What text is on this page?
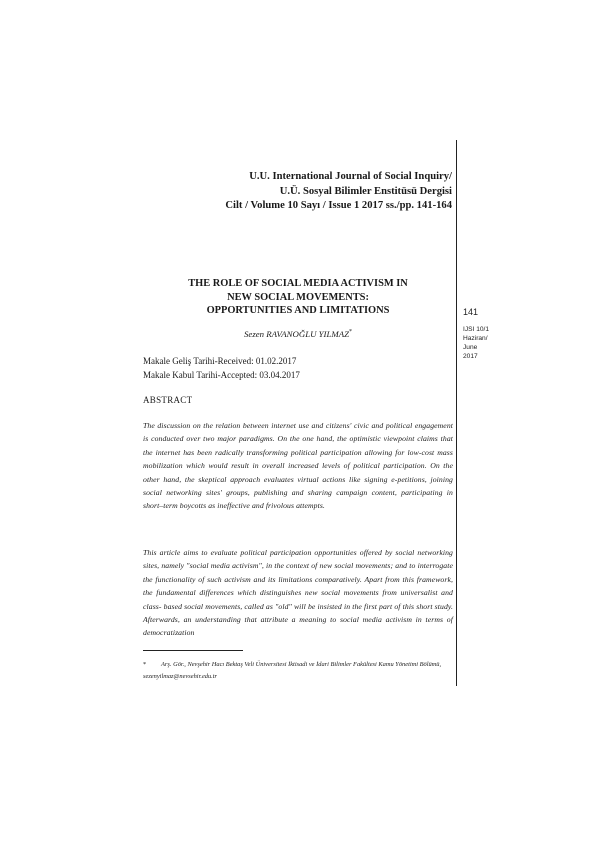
U.U. International Journal of Social Inquiry/
U.Ü. Sosyal Bilimler Enstitüsü Dergisi
Cilt / Volume 10 Sayı / Issue 1 2017 ss./pp. 141-164
141
IJSI 10/1
Haziran/
June
2017
THE ROLE OF SOCIAL MEDIA ACTIVISM IN
NEW SOCIAL MOVEMENTS:
OPPORTUNITIES AND LIMITATIONS
Sezen RAVANOĞLU YILMAZ*
Makale Geliş Tarihi-Received: 01.02.2017
Makale Kabul Tarihi-Accepted: 03.04.2017
ABSTRACT

The discussion on the relation between internet use and citizens' civic and political engagement is conducted over two major paradigms. On the one hand, the optimistic viewpoint claims that the internet has been radically transforming political participation allowing for low-cost mass mobilization which would result in overall increased levels of political participation. On the other hand, the skeptical approach evaluates virtual actions like signing e-petitions, joining social networking sites' groups, publishing and sharing campaign content, participating in short–term boycotts as ineffective and frivolous attempts.

This article aims to evaluate political participation opportunities offered by social networking sites, namely "social media activism", in the context of new social movements; and to interrogate the functionality of such activism and its limitations comparatively. Apart from this framework, the fundamental differences which distinguishes new social movements from universalist and class- based social movements, called as "old" will be insisted in the first part of this short study. Afterwards, an understanding that attribute a meaning to social media activism in terms of democratization

* Arş. Gör., Nevşehir Hacı Bektaş Veli Üniversitesi İktisadi ve İdari Bilimler Fakültesi Kamu Yönetimi Bölümü, sezenyilmaz@nevsehir.edu.tr
